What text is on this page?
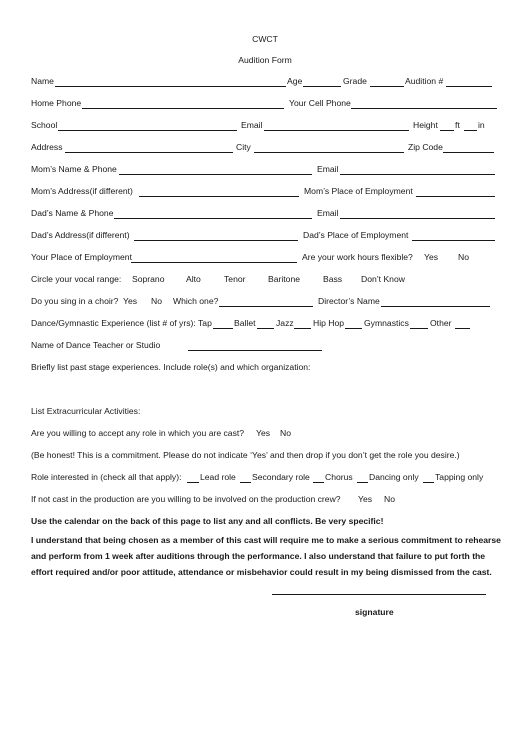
CWCT
Audition Form
Name	Age	Grade	Audition #
Home Phone	Your Cell Phone
School	Email	Height ft in
Address	City	Zip Code
Mom’s Name & Phone	Email
Mom’s Address(if different)	Mom’s Place of Employment
Dad’s Name & Phone	Email
Dad’s Address(if different)	Dad’s Place of Employment
Your Place of Employment	Are your work hours flexible? Yes No
Circle your vocal range: Soprano	Alto	Tenor	Baritone	Bass Don’t Know
Do you sing in a choir? Yes No Which one?	Director’s Name
Dance/Gymnastic Experience (list # of yrs): Tap	Ballet Jazz Hip Hop Gymnastics Other
Name of Dance Teacher or Studio
Briefly list past stage experiences. Include role(s) and which organization:
List Extracurricular Activities:
Are you willing to accept any role in which you are cast? Yes No
(Be honest! This is a commitment. Please do not indicate ‘Yes’ and then drop if you don’t get the role you desire.)
Role interested in (check all that apply): Lead role Secondary role Chorus Dancing only Tapping only
If not cast in the production are you willing to be involved on the production crew? Yes No
Use the calendar on the back of this page to list any and all conflicts. Be very specific!
I understand that being chosen as a member of this cast will require me to make a serious commitment to rehearse and perform from 1 week after auditions through the performance. I also understand that failure to put forth the effort required and/or poor attitude, attendance or misbehavior could result in my being dismissed from the cast.
signature
